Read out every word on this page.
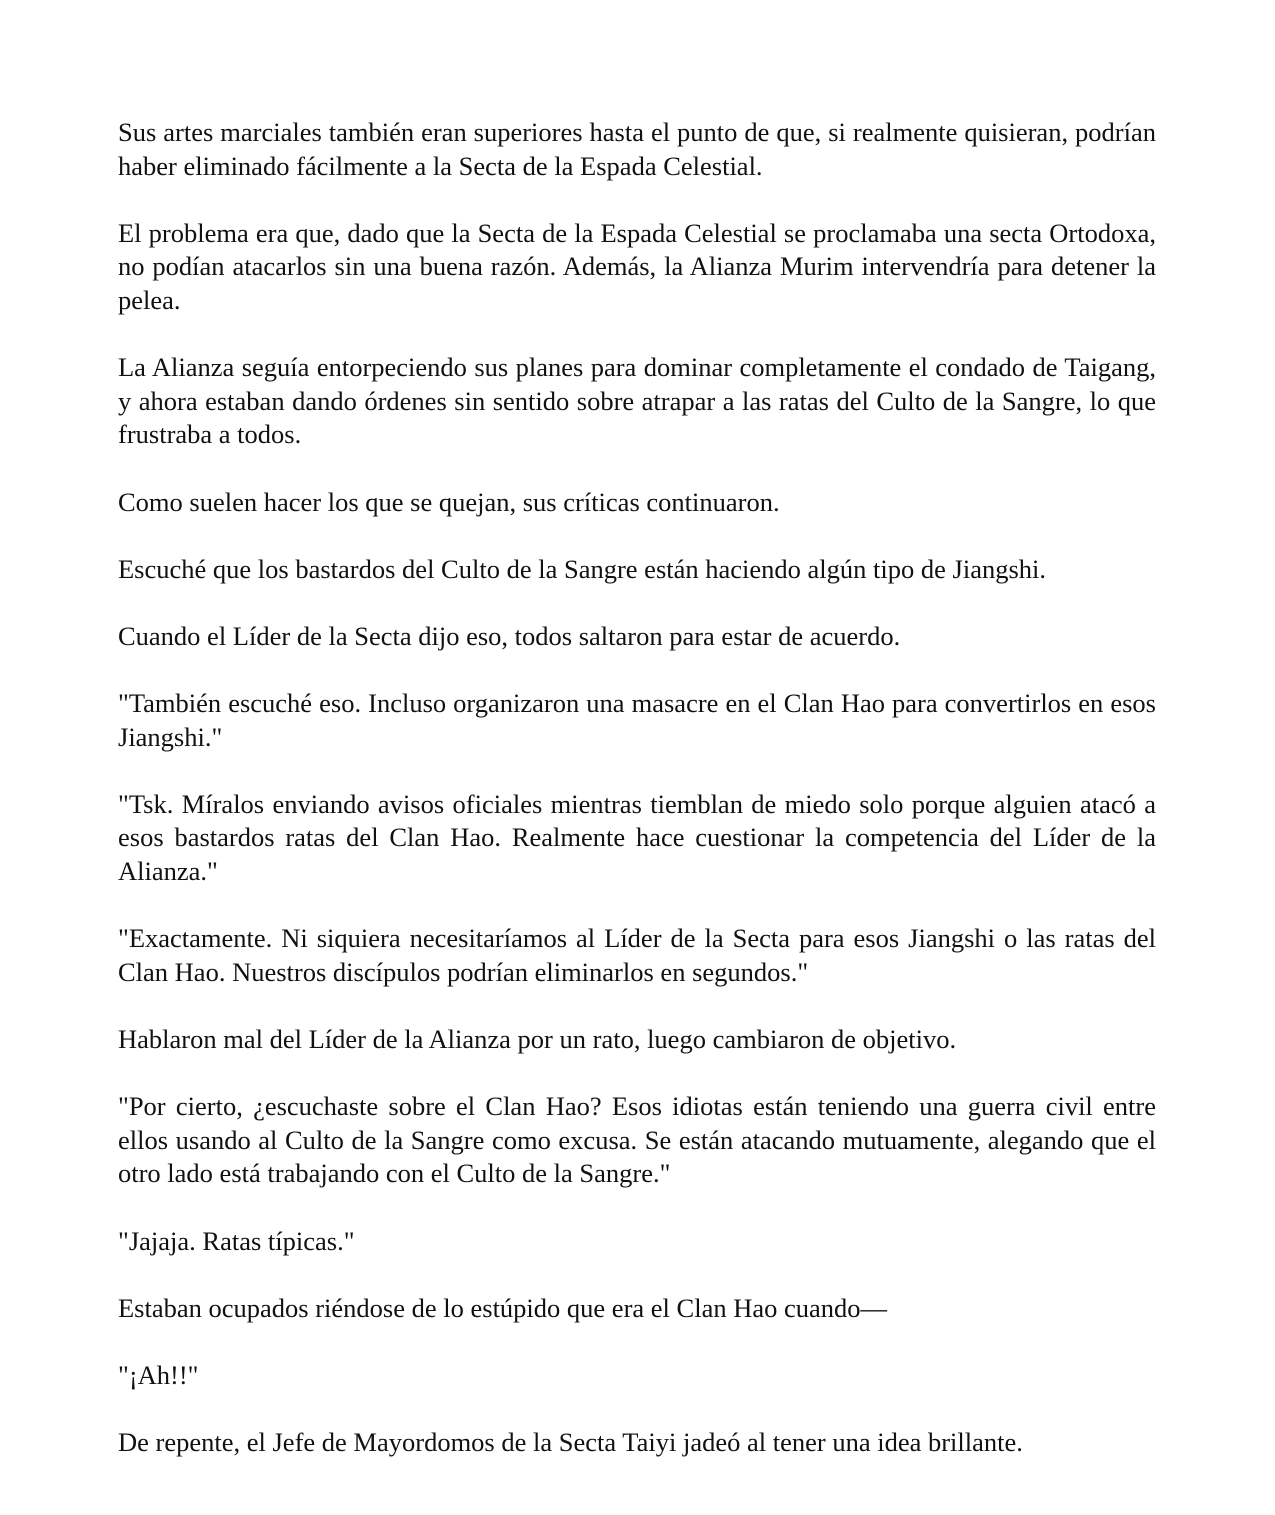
Sus artes marciales también eran superiores hasta el punto de que, si realmente quisieran, podrían haber eliminado fácilmente a la Secta de la Espada Celestial.

El problema era que, dado que la Secta de la Espada Celestial se proclamaba una secta Ortodoxa, no podían atacarlos sin una buena razón. Además, la Alianza Murim intervendría para detener la pelea.

La Alianza seguía entorpeciendo sus planes para dominar completamente el condado de Taigang, y ahora estaban dando órdenes sin sentido sobre atrapar a las ratas del Culto de la Sangre, lo que frustraba a todos.

Como suelen hacer los que se quejan, sus críticas continuaron.

Escuché que los bastardos del Culto de la Sangre están haciendo algún tipo de Jiangshi.

Cuando el Líder de la Secta dijo eso, todos saltaron para estar de acuerdo.

"También escuché eso. Incluso organizaron una masacre en el Clan Hao para convertirlos en esos Jiangshi."

"Tsk. Míralos enviando avisos oficiales mientras tiemblan de miedo solo porque alguien atacó a esos bastardos ratas del Clan Hao. Realmente hace cuestionar la competencia del Líder de la Alianza."

"Exactamente. Ni siquiera necesitaríamos al Líder de la Secta para esos Jiangshi o las ratas del Clan Hao. Nuestros discípulos podrían eliminarlos en segundos."

Hablaron mal del Líder de la Alianza por un rato, luego cambiaron de objetivo.

"Por cierto, ¿escuchaste sobre el Clan Hao? Esos idiotas están teniendo una guerra civil entre ellos usando al Culto de la Sangre como excusa. Se están atacando mutuamente, alegando que el otro lado está trabajando con el Culto de la Sangre."

"Jajaja. Ratas típicas."

Estaban ocupados riéndose de lo estúpido que era el Clan Hao cuando—

"¡Ah!!"

De repente, el Jefe de Mayordomos de la Secta Taiyi jadeó al tener una idea brillante.
